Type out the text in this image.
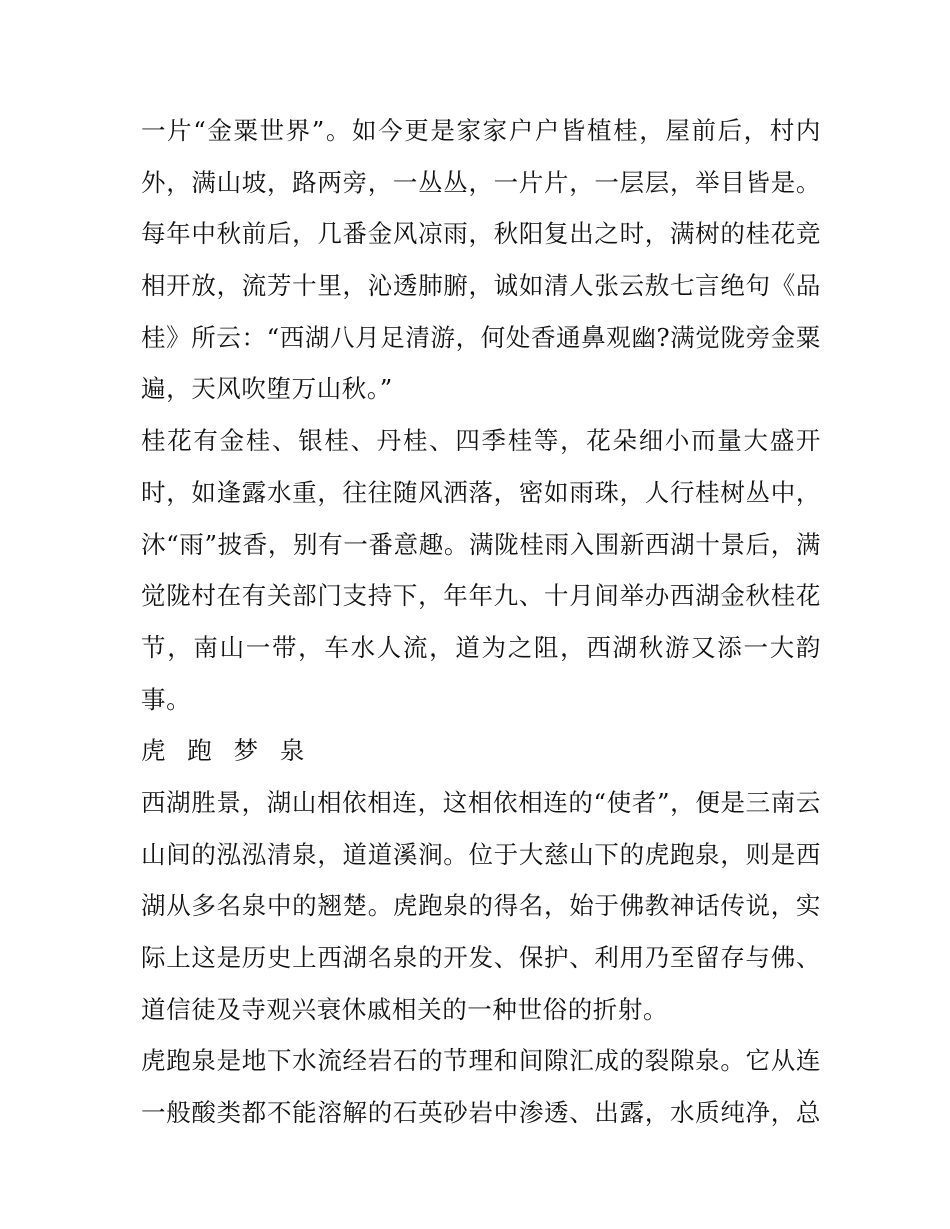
一片“金粟世界”。如今更是家家户户皆植桂，屋前后，村内
外，满山坡，路两旁，一丛丛，一片片，一层层，举目皆是。
每年中秋前后，几番金风凉雨，秋阳复出之时，满树的桂花竞
相开放，流芳十里，沁透肺腑，诚如清人张云敖七言绝句《品
桂》所云：“西湖八月足清游，何处香通鼻观幽?满觉陇旁金粟
遍，天风吹堕万山秋。”
桂花有金桂、银桂、丹桂、四季桂等，花朵细小而量大盛开
时，如逢露水重，往往随风洒落，密如雨珠，人行桂树丛中，
沐“雨”披香，别有一番意趣。满陇桂雨入围新西湖十景后，满
觉陇村在有关部门支持下，年年九、十月间举办西湖金秋桂花
节，南山一带，车水人流，道为之阻，西湖秋游又添一大韵
事。
虎 跑 梦 泉
西湖胜景，湖山相依相连，这相依相连的“使者”，便是三南云
山间的泓泓清泉，道道溪涧。位于大慈山下的虎跑泉，则是西
湖从多名泉中的翘楚。虎跑泉的得名，始于佛教神话传说，实
际上这是历史上西湖名泉的开发、保护、利用乃至留存与佛、
道信徒及寺观兴衰休戚相关的一种世俗的折射。
虎跑泉是地下水流经岩石的节理和间隙汇成的裂隙泉。它从连
一般酸类都不能溶解的石英砂岩中渗透、出露，水质纯净，总
